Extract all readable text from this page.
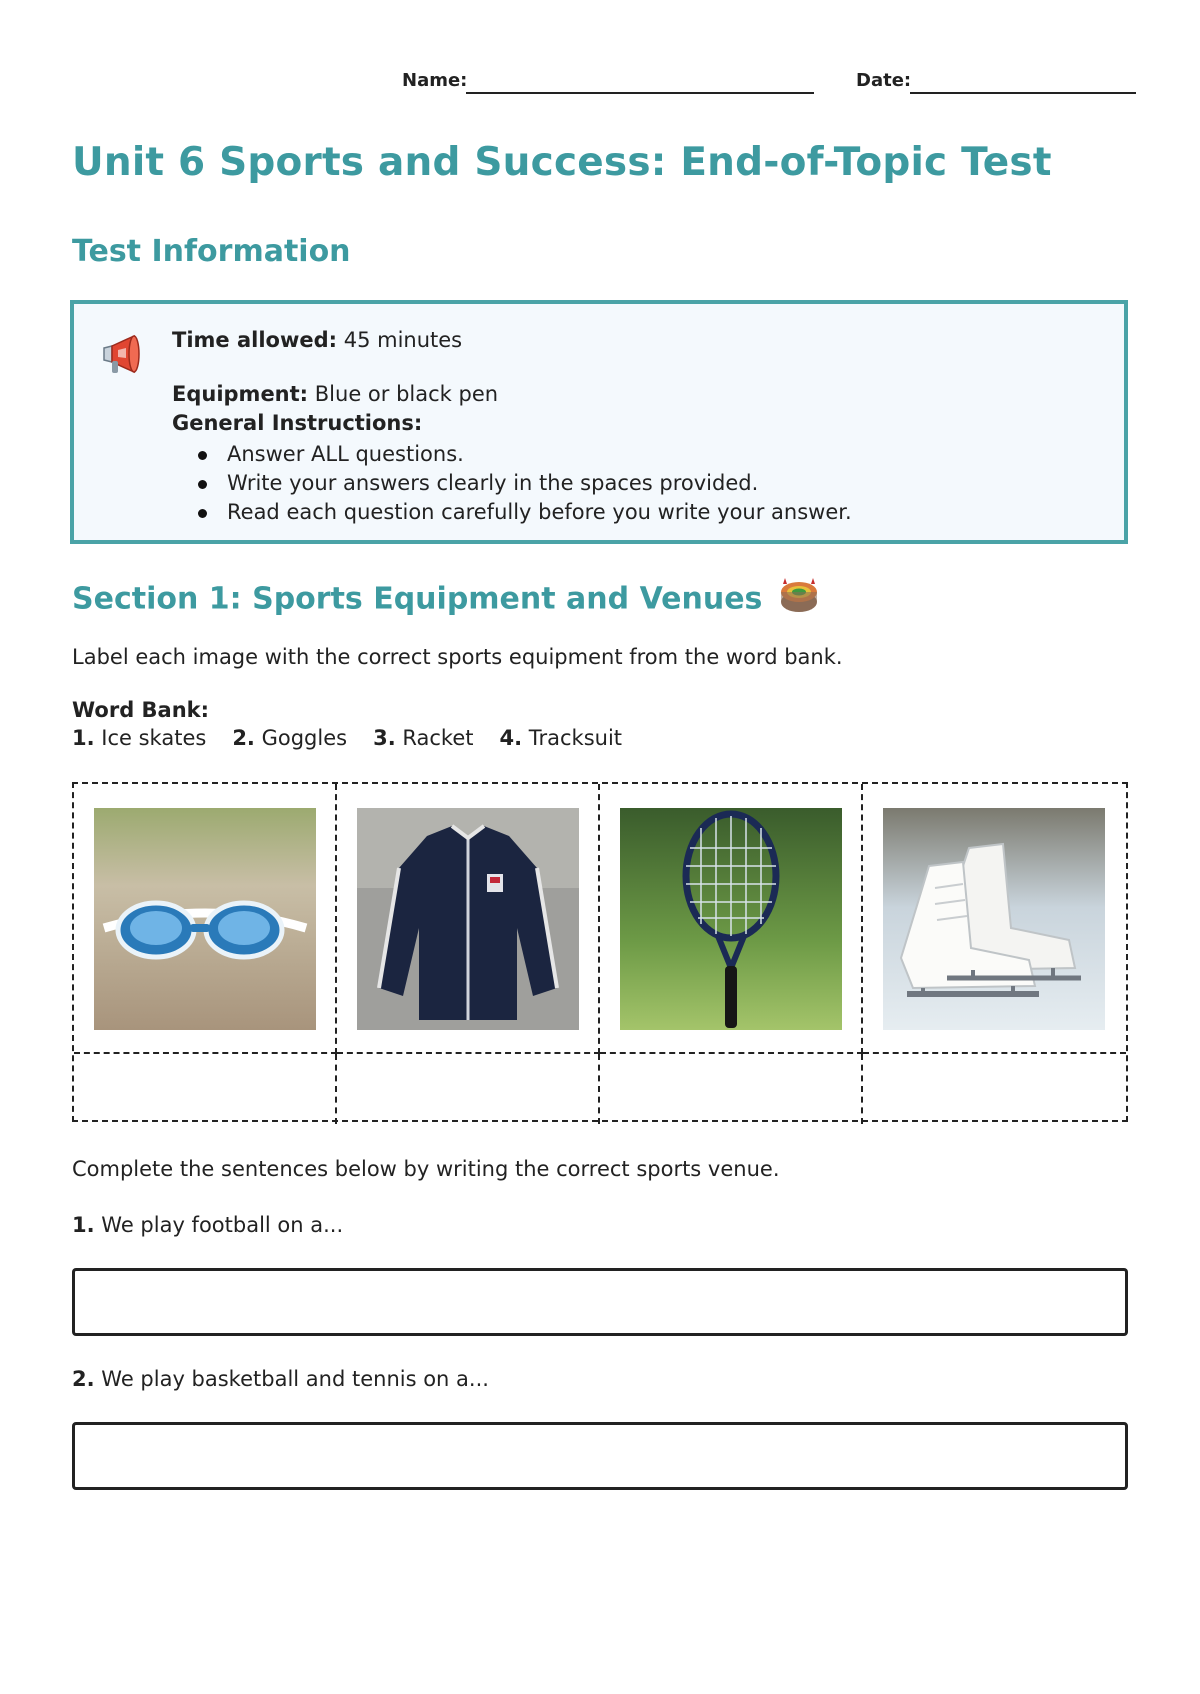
Name:	Date:
Unit 6 Sports and Success: End-of-Topic Test
Test Information
Time allowed: 45 minutes
Equipment: Blue or black pen
General Instructions:
Answer ALL questions.
Write your answers clearly in the spaces provided.
Read each question carefully before you write your answer.
Section 1: Sports Equipment and Venues
Label each image with the correct sports equipment from the word bank.
Word Bank:
1. Ice skates 2. Goggles 3. Racket 4. Tracksuit
Complete the sentences below by writing the correct sports venue.
1. We play football on a...
2. We play basketball and tennis on a...
